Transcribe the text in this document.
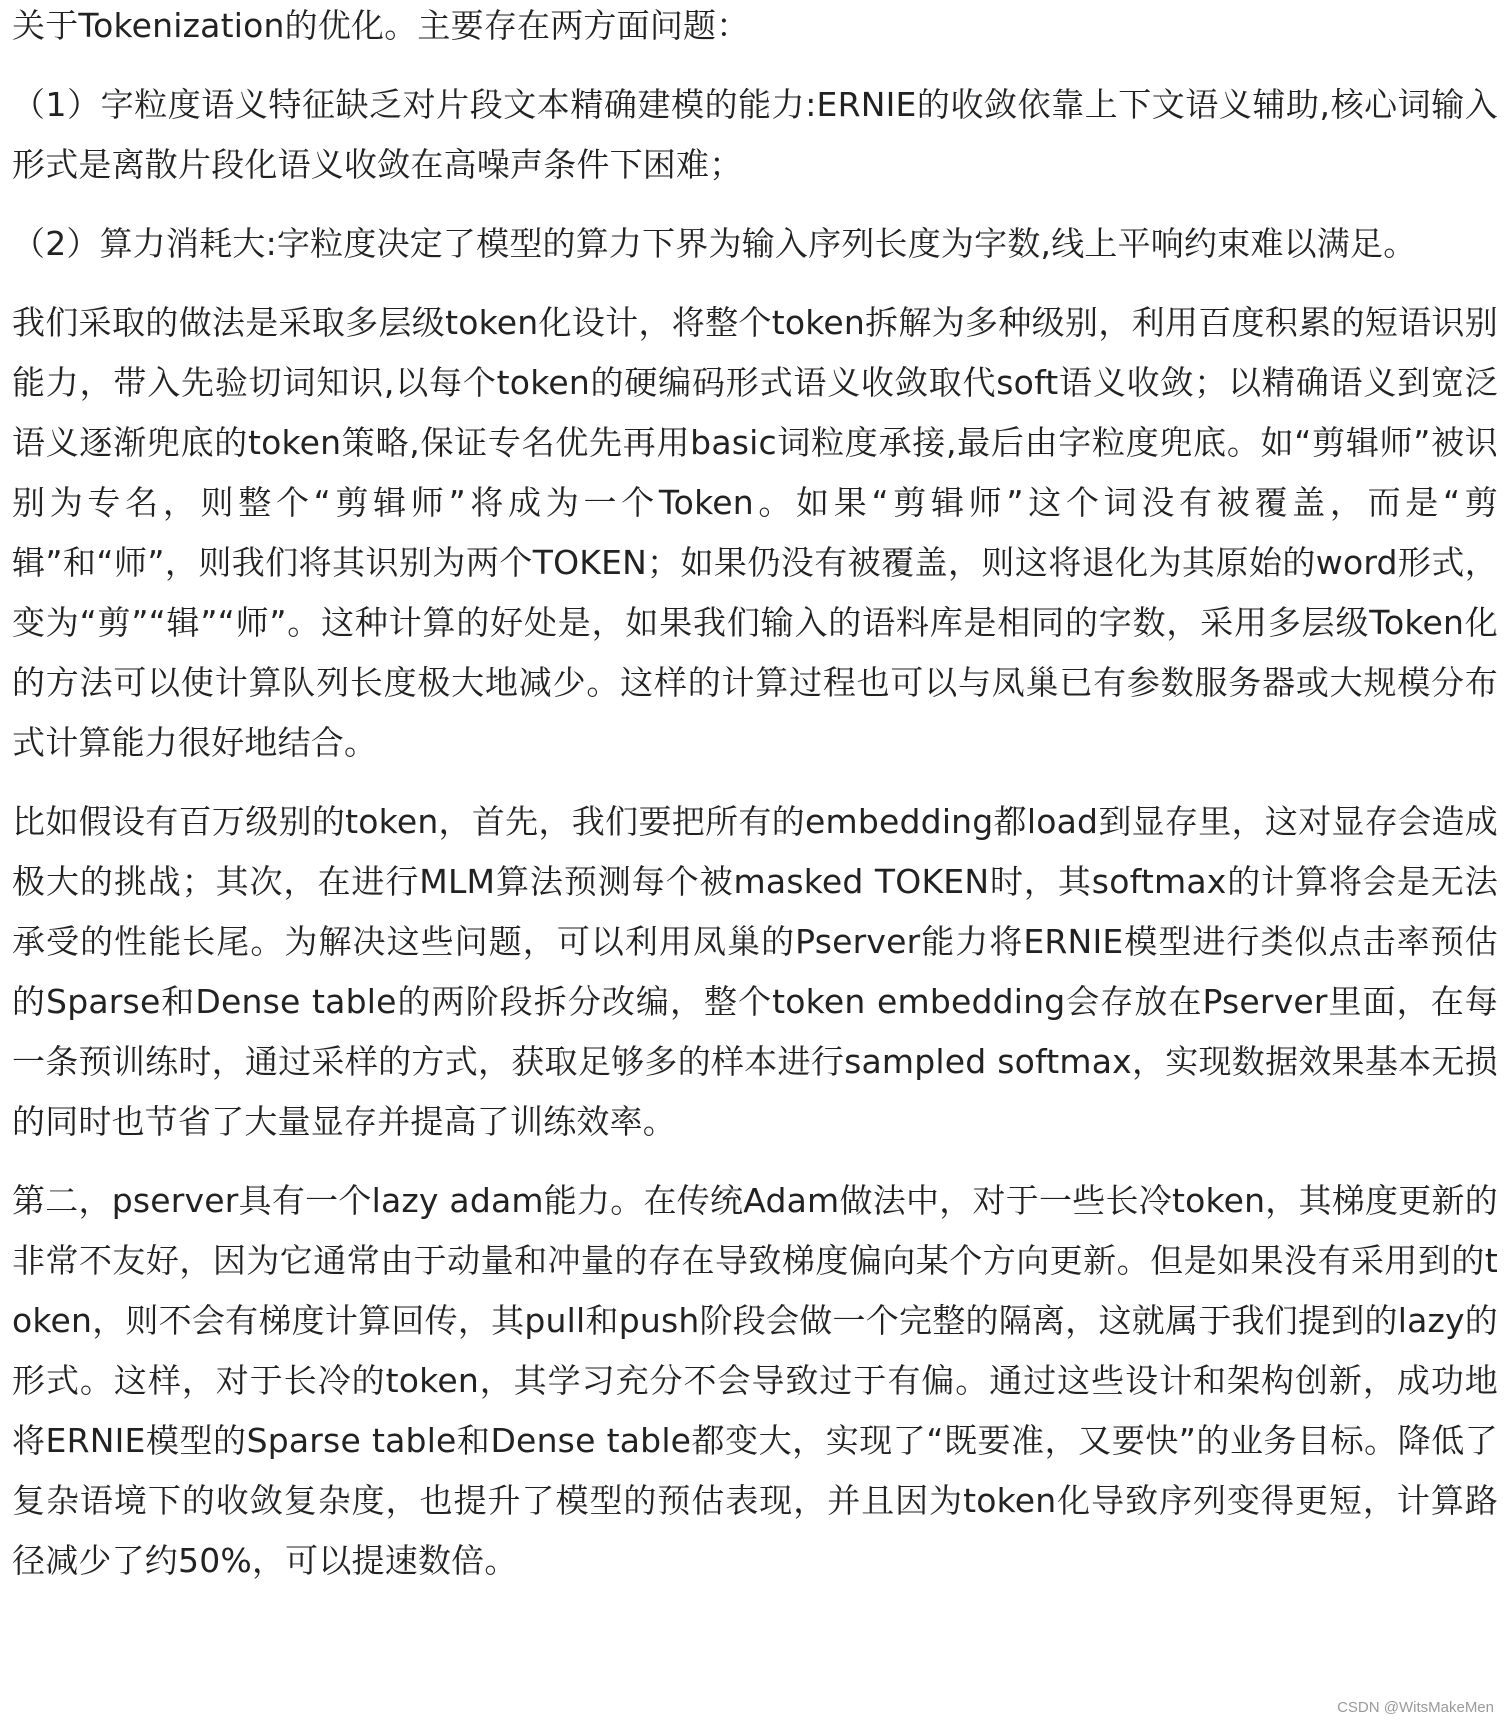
关于Tokenization的优化。主要存在两方面问题：

（1）字粒度语义特征缺乏对片段文本精确建模的能力:ERNIE的收敛依靠上下文语义辅助,核心词输入形式是离散片段化语义收敛在高噪声条件下困难；

（2）算力消耗大:字粒度决定了模型的算力下界为输入序列长度为字数,线上平响约束难以满足。

我们采取的做法是采取多层级token化设计，将整个token拆解为多种级别，利用百度积累的短语识别能力，带入先验切词知识,以每个token的硬编码形式语义收敛取代soft语义收敛；以精确语义到宽泛语义逐渐兜底的token策略,保证专名优先再用basic词粒度承接,最后由字粒度兜底。如“剪辑师”被识别为专名，则整个“剪辑师”将成为一个Token。如果“剪辑师”这个词没有被覆盖，而是“剪辑”和“师”，则我们将其识别为两个TOKEN；如果仍没有被覆盖，则这将退化为其原始的word形式，变为“剪”“辑”“师”。这种计算的好处是，如果我们输入的语料库是相同的字数，采用多层级Token化的方法可以使计算队列长度极大地减少。这样的计算过程也可以与凤巢已有参数服务器或大规模分布式计算能力很好地结合。

比如假设有百万级别的token，首先，我们要把所有的embedding都load到显存里，这对显存会造成极大的挑战；其次，在进行MLM算法预测每个被masked TOKEN时，其softmax的计算将会是无法承受的性能长尾。为解决这些问题，可以利用凤巢的Pserver能力将ERNIE模型进行类似点击率预估的Sparse和Dense table的两阶段拆分改编，整个token embedding会存放在Pserver里面，在每一条预训练时，通过采样的方式，获取足够多的样本进行sampled softmax，实现数据效果基本无损的同时也节省了大量显存并提高了训练效率。

第二，pserver具有一个lazy adam能力。在传统Adam做法中，对于一些长冷token，其梯度更新的非常不友好，因为它通常由于动量和冲量的存在导致梯度偏向某个方向更新。但是如果没有采用到的token，则不会有梯度计算回传，其pull和push阶段会做一个完整的隔离，这就属于我们提到的lazy的形式。这样，对于长冷的token，其学习充分不会导致过于有偏。通过这些设计和架构创新，成功地将ERNIE模型的Sparse table和Dense table都变大，实现了“既要准，又要快”的业务目标。降低了复杂语境下的收敛复杂度，也提升了模型的预估表现，并且因为token化导致序列变得更短，计算路径减少了约50%，可以提速数倍。

CSDN @WitsMakeMen
